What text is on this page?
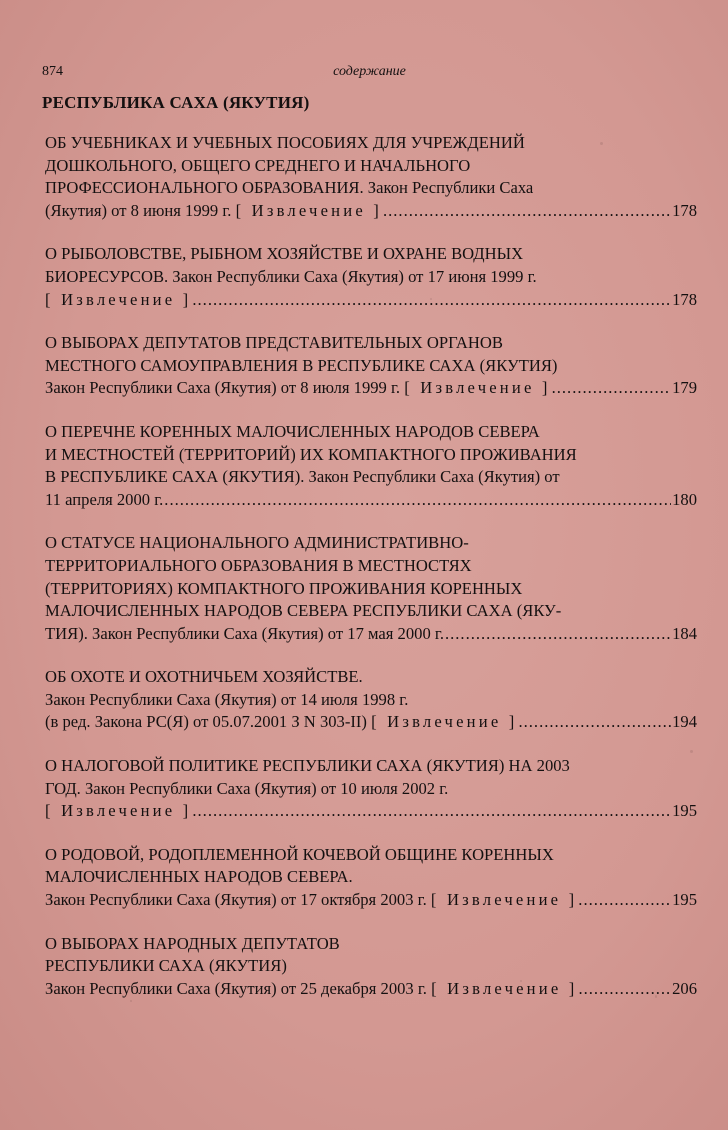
874	содержание
РЕСПУБЛИКА САХА (ЯКУТИЯ)
ОБ УЧЕБНИКАХ И УЧЕБНЫХ ПОСОБИЯХ ДЛЯ УЧРЕЖДЕНИЙ
ДОШКОЛЬНОГО, ОБЩЕГО СРЕДНЕГО И НАЧАЛЬНОГО
ПРОФЕССИОНАЛЬНОГО ОБРАЗОВАНИЯ. Закон Республики Саха
(Якутия) от 8 июня 1999 г. [ Извлечение ] .....	178
О РЫБОЛОВСТВЕ, РЫБНОМ ХОЗЯЙСТВЕ И ОХРАНЕ ВОДНЫХ
БИОРЕСУРСОВ. Закон Республики Саха (Якутия) от 17 июня 1999 г.
[ Извлечение ] .....	178
О ВЫБОРАХ ДЕПУТАТОВ ПРЕДСТАВИТЕЛЬНЫХ ОРГАНОВ
МЕСТНОГО САМОУПРАВЛЕНИЯ В РЕСПУБЛИКЕ САХА (ЯКУТИЯ)
Закон Республики Саха (Якутия) от 8 июля 1999 г. [ Извлечение ] .....	179
О ПЕРЕЧНЕ КОРЕННЫХ МАЛОЧИСЛЕННЫХ НАРОДОВ СЕВЕРА
И МЕСТНОСТЕЙ (ТЕРРИТОРИЙ) ИХ КОМПАКТНОГО ПРОЖИВАНИЯ
В РЕСПУБЛИКЕ САХА (ЯКУТИЯ). Закон Республики Саха (Якутия) от
11 апреля 2000 г. .....	180
О СТАТУСЕ НАЦИОНАЛЬНОГО АДМИНИСТРАТИВНО-
ТЕРРИТОРИАЛЬНОГО ОБРАЗОВАНИЯ В МЕСТНОСТЯХ
(ТЕРРИТОРИЯХ) КОМПАКТНОГО ПРОЖИВАНИЯ КОРЕННЫХ
МАЛОЧИСЛЕННЫХ НАРОДОВ СЕВЕРА РЕСПУБЛИКИ САХА (ЯКУ-
ТИЯ). Закон Республики Саха (Якутия) от 17 мая 2000 г. .....	184
ОБ ОХОТЕ И ОХОТНИЧЬЕМ ХОЗЯЙСТВЕ.
Закон Республики Саха (Якутия) от 14 июля 1998 г.
(в ред. Закона РС(Я) от 05.07.2001 З N 303-II) [ Извлечение ] .....	194
О НАЛОГОВОЙ ПОЛИТИКЕ РЕСПУБЛИКИ САХА (ЯКУТИЯ) НА 2003
ГОД. Закон Республики Саха (Якутия) от 10 июля 2002 г.
[ Извлечение ] .....	195
О РОДОВОЙ, РОДОПЛЕМЕННОЙ КОЧЕВОЙ ОБЩИНЕ КОРЕННЫХ
МАЛОЧИСЛЕННЫХ НАРОДОВ СЕВЕРА.
Закон Республики Саха (Якутия) от 17 октября 2003 г. [ Извлечение ] .....	195
О ВЫБОРАХ НАРОДНЫХ ДЕПУТАТОВ
РЕСПУБЛИКИ САХА (ЯКУТИЯ)
Закон Республики Саха (Якутия) от 25 декабря 2003 г. [ Извлечение ] .....	206
